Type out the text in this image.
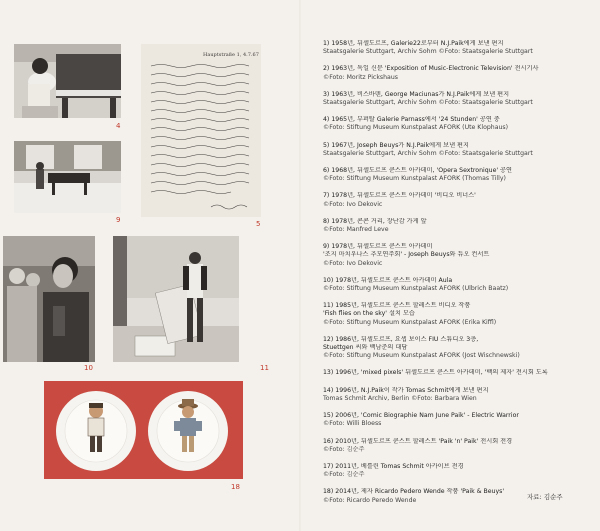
4
Hauptstraße 1, 4.7.67
5
9
10	11
18
1) 1958년, 뒤셀도르프, Galerie22로부터 N.J.Paik에게 보낸 편지
Staatsgalerie Stuttgart, Archiv Sohm ©Foto: Staatsgalerie Stuttgart
2) 1963년, 독일 신문 'Exposition of Music-Electronic Television' 전시기사
©Foto: Moritz Pickshaus
3) 1963년, 비스바덴, George Maciunas가 N.J.Paik에게 보낸 편지
Staatsgalerie Stuttgart, Archiv Sohm ©Foto: Staatsgalerie Stuttgart
4) 1965년, 부퍼탈 Galerie Parnass에서 '24 Stunden' 공연 중
©Foto: Stiftung Museum Kunstpalast AFORK (Ute Klophaus)
5) 1967년, Joseph Beuys가 N.J.Paik에게 보낸 편지
Staatsgalerie Stuttgart, Archiv Sohm ©Foto: Staatsgalerie Stuttgart
6) 1968년, 뒤셀도르프 쿤스트 아카데미, 'Opera Sextronique' 공연
©Foto: Stiftung Museum Kunstpalast AFORK (Thomas Tilly)
7) 1978년, 뒤셀도르프 쿤스트 아카데미 '비디오 비너스'
©Foto: Ivo Dekovic
8) 1978년, 콘콘 거리, 장난감 가게 앞
©Foto: Manfred Leve
9) 1978년, 뒤셀도르프 쿤스트 아카데미
'조지 마치우나스 추모연주회' - Joseph Beuys와 듀오 컨서트
©Foto: Ivo Dekovic
10) 1978년, 뒤셀도르프 쿤스트 아카데미 Aula
©Foto: Stiftung Museum Kunstpalast AFORK (Ulbrich Baatz)
11) 1985년, 뒤셀도르프 쿤스트 할레스트 비디오 작품
'Fish flies on the sky' 설치 모습
©Foto: Stiftung Museum Kunstpalast AFORK (Erika Kiffl)
12) 1986년, 뒤셀도르프, 요셉 보이스 FIU 스튜디오 3층,
Stuettgen 씨와 백남준의 대담
©Foto: Stiftung Museum Kunstpalast AFORK (Jost Wischnewski)
13) 1996년, 'mixed pixels' 뒤셀도르프 쿤스트 아카데미, '백의 제자' 전시회 도록
14) 1996년, N.J.Paik이 작가 Tomas Schmit에게 보낸 편지
Tomas Schmit Archiv, Berlin ©Foto: Barbara Wien
15) 2006년, 'Comic Biographie Nam June Paik' - Electric Warrior
©Foto: Willi Bloess
16) 2010년, 뒤셀도르프 쿤스트 할레스트 'Paik 'n' Paik' 전시회 전경
©Foto: 김순주
17) 2011년, 베를린 Tomas Schmit 아카이브 전경
©Foto: 김순주
18) 2014년, 제자 Ricardo Pedero Wende 작품 'Paik & Beuys'
©Foto: Ricardo Peredo Wende	자료: 김순주
